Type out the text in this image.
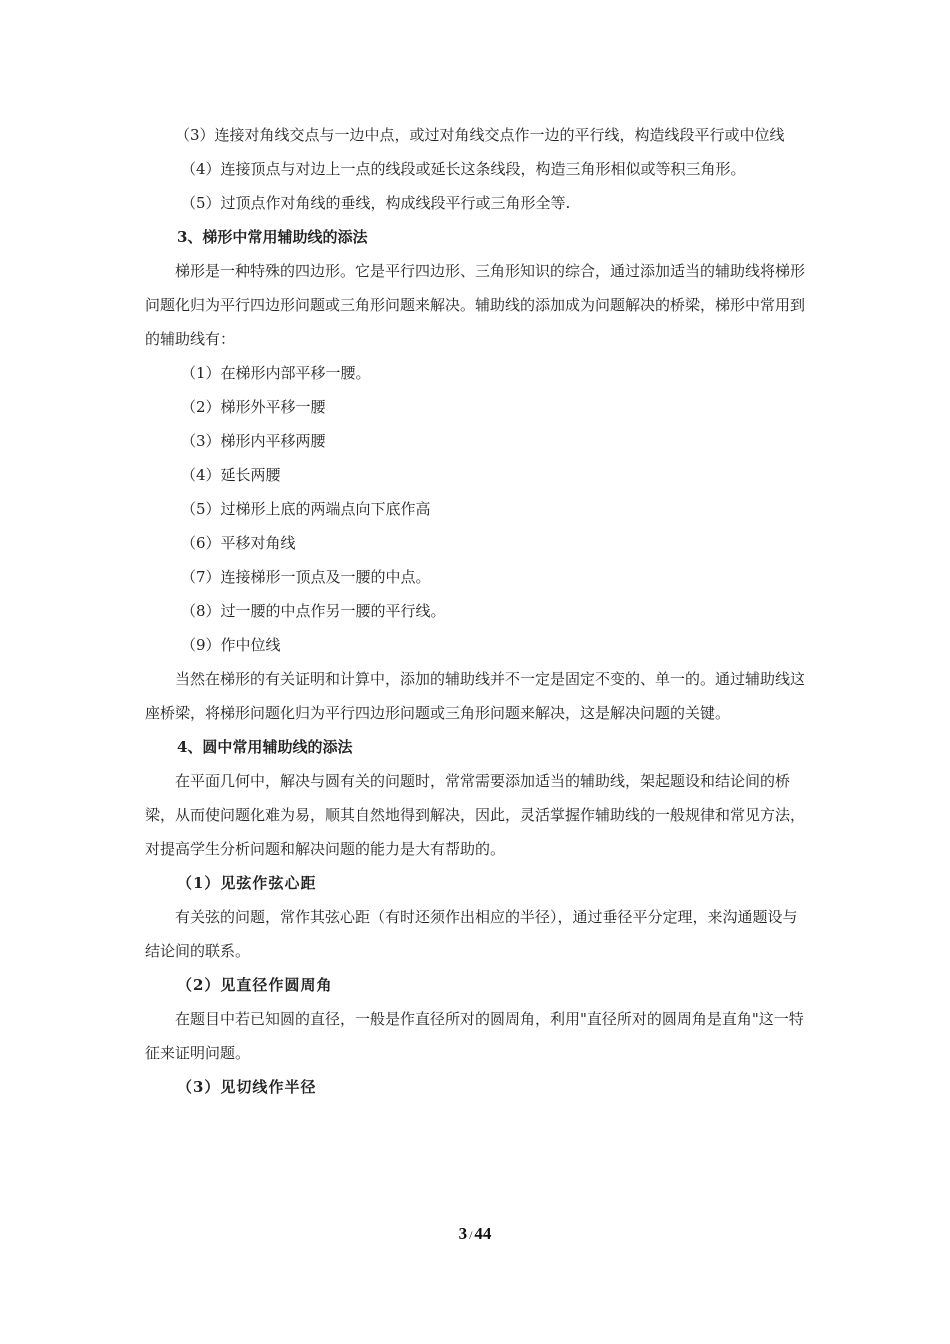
（3）连接对角线交点与一边中点，或过对角线交点作一边的平行线，构造线段平行或中位线

（4）连接顶点与对边上一点的线段或延长这条线段，构造三角形相似或等积三角形。

（5）过顶点作对角线的垂线，构成线段平行或三角形全等.

3、梯形中常用辅助线的添法

梯形是一种特殊的四边形。它是平行四边形、三角形知识的综合，通过添加适当的辅助线将梯形问题化归为平行四边形问题或三角形问题来解决。辅助线的添加成为问题解决的桥梁，梯形中常用到的辅助线有：

（1）在梯形内部平移一腰。

（2）梯形外平移一腰

（3）梯形内平移两腰

（4）延长两腰

（5）过梯形上底的两端点向下底作高

（6）平移对角线

（7）连接梯形一顶点及一腰的中点。

（8）过一腰的中点作另一腰的平行线。

（9）作中位线

当然在梯形的有关证明和计算中，添加的辅助线并不一定是固定不变的、单一的。通过辅助线这座桥梁，将梯形问题化归为平行四边形问题或三角形问题来解决，这是解决问题的关键。

4、圆中常用辅助线的添法

在平面几何中，解决与圆有关的问题时，常常需要添加适当的辅助线，架起题设和结论间的桥梁，从而使问题化难为易，顺其自然地得到解决，因此，灵活掌握作辅助线的一般规律和常见方法，对提高学生分析问题和解决问题的能力是大有帮助的。

（1）见弦作弦心距

有关弦的问题，常作其弦心距（有时还须作出相应的半径），通过垂径平分定理，来沟通题设与结论间的联系。

（2）见直径作圆周角

在题目中若已知圆的直径，一般是作直径所对的圆周角，利用"直径所对的圆周角是直角"这一特征来证明问题。

（3）见切线作半径

3 / 44
